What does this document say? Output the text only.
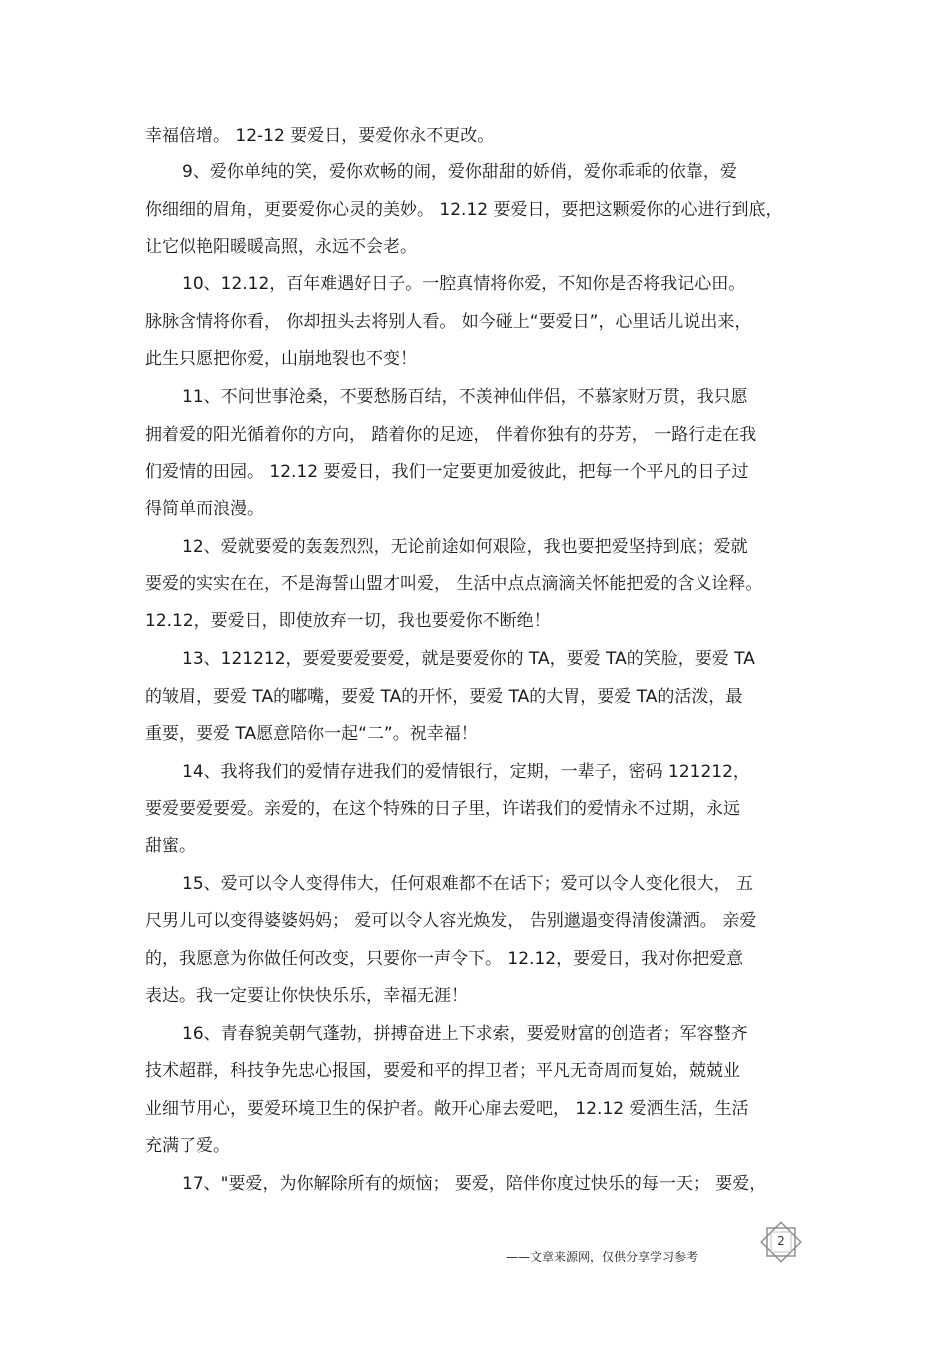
幸福倍增。 12-12 要爱日，要爱你永不更改。
9、爱你单纯的笑，爱你欢畅的闹，爱你甜甜的娇俏，爱你乖乖的依靠，爱
你细细的眉角，更要爱你心灵的美妙。 12.12 要爱日，要把这颗爱你的心进行到底，
让它似艳阳暖暖高照，永远不会老。
10、12.12，百年难遇好日子。一腔真情将你爱，不知你是否将我记心田。
脉脉含情将你看， 你却扭头去将别人看。 如今碰上“要爱日”，心里话儿说出来，
此生只愿把你爱，山崩地裂也不变！
11、不问世事沧桑，不要愁肠百结，不羡神仙伴侣，不慕家财万贯，我只愿
拥着爱的阳光循着你的方向， 踏着你的足迹， 伴着你独有的芬芳， 一路行走在我
们爱情的田园。 12.12 要爱日，我们一定要更加爱彼此，把每一个平凡的日子过
得简单而浪漫。
12、爱就要爱的轰轰烈烈，无论前途如何艰险，我也要把爱坚持到底；爱就
要爱的实实在在，不是海誓山盟才叫爱， 生活中点点滴滴关怀能把爱的含义诠释。
12.12，要爱日，即使放弃一切，我也要爱你不断绝！
13、121212，要爱要爱要爱，就是要爱你的 TA，要爱 TA的笑脸，要爱 TA
的皱眉，要爱 TA的嘟嘴，要爱 TA的开怀，要爱 TA的大胃，要爱 TA的活泼，最
重要，要爱 TA愿意陪你一起“二”。祝幸福！
14、我将我们的爱情存进我们的爱情银行，定期，一辈子，密码 121212，
要爱要爱要爱。亲爱的，在这个特殊的日子里，许诺我们的爱情永不过期，永远
甜蜜。
15、爱可以令人变得伟大，任何艰难都不在话下；爱可以令人变化很大， 五
尺男儿可以变得婆婆妈妈； 爱可以令人容光焕发， 告别邋遢变得清俊潇洒。 亲爱
的，我愿意为你做任何改变，只要你一声令下。 12.12，要爱日，我对你把爱意
表达。我一定要让你快快乐乐，幸福无涯！
16、青春貌美朝气蓬勃，拼搏奋进上下求索，要爱财富的创造者；军容整齐
技术超群，科技争先忠心报国，要爱和平的捍卫者；平凡无奇周而复始，兢兢业
业细节用心，要爱环境卫生的保护者。敞开心扉去爱吧， 12.12 爱洒生活，生活
充满了爱。
17、"要爱，为你解除所有的烦恼； 要爱，陪伴你度过快乐的每一天； 要爱，
——文章来源网，仅供分享学习参考
2
